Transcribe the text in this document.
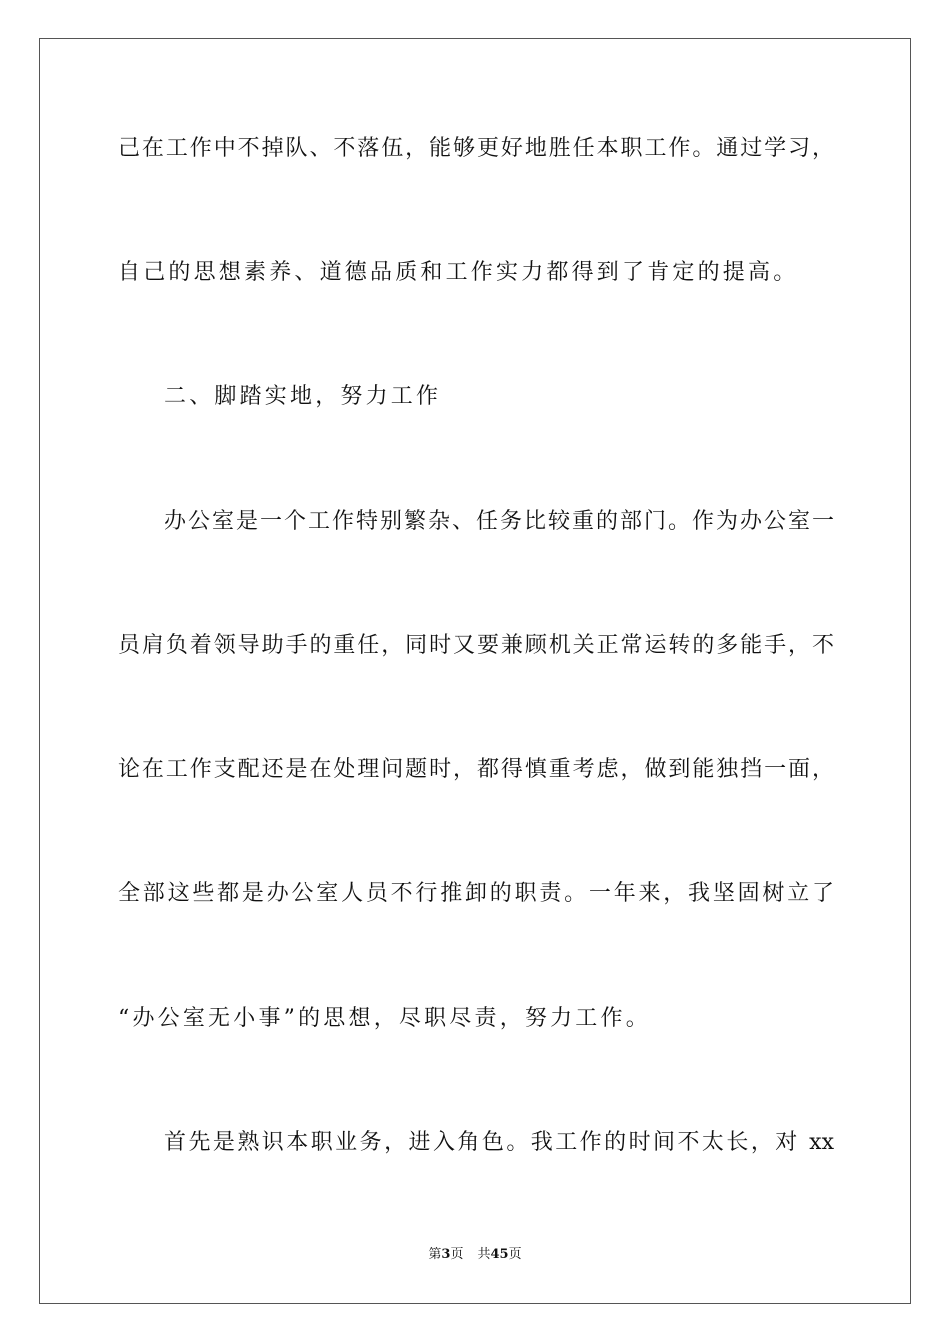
己在工作中不掉队、不落伍，能够更好地胜任本职工作。通过学习，
自己的思想素养、道德品质和工作实力都得到了肯定的提高。
二、脚踏实地，努力工作
办公室是一个工作特别繁杂、任务比较重的部门。作为办公室一
员肩负着领导助手的重任，同时又要兼顾机关正常运转的多能手，不
论在工作支配还是在处理问题时，都得慎重考虑，做到能独挡一面，
全部这些都是办公室人员不行推卸的职责。一年来，我坚固树立了
“办公室无小事”的思想，尽职尽责，努力工作。
首先是熟识本职业务，进入角色。我工作的时间不太长，对 xx
第3页 共45页
